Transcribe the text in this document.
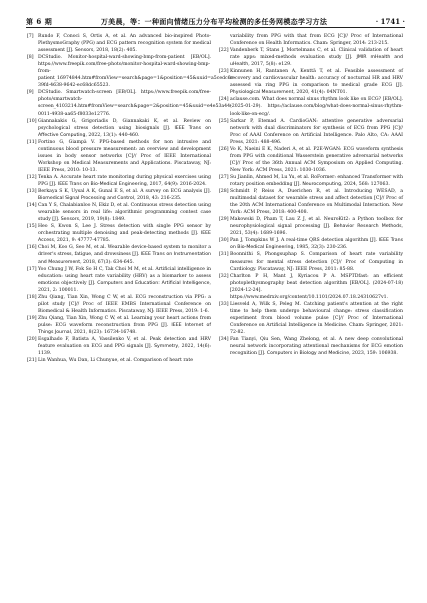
第 6 期	万美晨，等：一种面向情绪压力分布平均检测的多任务网模态学习方法	· 1741 ·

[7] Rundo F, Conoci S, Ortis A, et al. An advanced bio-inspired Photo-PlethysmoGraphy (PPG) and ECG pattern recognition system for medical assessment [J]. Sensors, 2018, 18(2): 405.

[8] DCStudio. Monitor-hospital-ward-showing-bmp-from-patient [EB/OL]. https://www.freepik.com/free-photo/monitor-hospital-ward-showing-bmp-from-patient_16974844.htm#fromView=search&page=1&position=45&uuid=a5cedc6c-39fd-4638-9642-ec68dc65523.

[9] DCStudio. Smartwatch-screen [EB/OL]. https://www.freepik.com/free-photo/smartwatch-screen_4103214.htm#fromView=search&page=2&position=45&uuid=e4e53a44-0011-4938-aa65-f8033e12776.

[10] Giannakakis G, Grigoriadis D, Giannakaki K, et al. Review on psychological stress detection using biosignals [J]. IEEE Trans on Affective Computing, 2022, 13(1): 440-460.

[11] Fortino G, Giampà V. PPG-based methods for non intrusive and continuous blood pressure measurement: an overview and development issues in body sensor networks [C]// Proc of IEEE International Workshop on Medical Measurements and Applications. Piscataway, NJ: IEEE Press, 2010: 10-13.

[12] Tenka A. Accurate heart rate monitoring during physical exercises using PPG [J]. IEEE Trans on Bio-Medical Engineering, 2017, 64(9): 2016-2024.

[13] Berkaya S K, Uysal A K, Gunal E S, et al. A survey on ECG analysis [J]. Biomedical Signal Processing and Control, 2018, 43: 216-235.

[14] Can Y S, Chalabianloo N, Ekiz D, et al. Continuous stress detection using wearable sensors in real life: algorithmic programming contest case study [J]. Sensors, 2019, 19(8): 1849.

[15] Heo S, Kwon S, Lee J. Stress detection with single PPG sensor by orchestrating multiple denoising and peak-detecting methods [J]. IEEE Access, 2021, 9: 47777-47785.

[16] Choi M, Koo G, Seo M, et al. Wearable device-based system to monitor a driver's stress, fatigue, and drowsiness [J]. IEEE Trans on Instrumentation and Measurement, 2018, 67(3): 634-645.

[17] Yoo Chung J W, Fok So H C, Tak Choi M M, et al. Artificial intelligence in education: using heart rate variability (HRV) as a biomarker to assess emotions objectively [J]. Computers and Education: Artificial Intelligence, 2021, 2: 100011.

[18] Zhu Qiang, Tian Xin, Wong C W, et al. ECG reconstruction via PPG: a pilot study [C]// Proc of IEEE EMBS International Conference on Biomedical & Health Informatics. Piscataway, NJ: IEEE Press, 2019: 1-6.

[19] Zhu Qiang, Tian Xin, Wong C W, et al. Learning your heart actions from pulse: ECG waveform reconstruction from PPG [J]. IEEE Internet of Things Journal, 2021, 8(23): 16734-16748.

[20] Esgalhado F, Batista A, Vassilenko V, et al. Peak detection and HRV feature evaluation on ECG and PPG signals [J]. Symmetry, 2022, 14(6): 1139.

[21] Lin Wanhua, Wu Dan, Li Chunyue, et al. Comparison of heart rate

variability from PPG with that from ECG [C]// Proc of International Conference on Health Informatics. Cham: Springer, 2014: 213-215.

[22] Vandenberk T, Stans J, Mortelmans C, et al. Clinical validation of heart rate apps: mixed-methods evaluation study [J]. JMIR mHealth and uHealth, 2017, 5(8): e129.

[23] Kinnunen H, Rantanen A, Kenttä T, et al. Feasible assessment of recovery and cardiovascular health: accuracy of nocturnal HR and HRV assessed via ring PPG in comparison to medical grade ECG [J]. Physiological Measurement, 2020, 41(4): 04NT01.

[24] aclause.com. What does normal sinus rhythm look like on ECG? [EB/OL]. (2025-01-29). https://aclause.com/blog/what-does-normal-sinus-rhythm-look-like-on-ecg/.

[25] Sarkar P, Etemad A. CardioGAN: attentive generative adversarial network with dual discriminators for synthesis of ECG from PPG [C]// Proc of AAAI Conference on Artificial Intelligence. Palo Alto, CA: AAAI Press, 2021: 488-496.

[26] Vo K, Naeini E K, Naderi A, et al. P2E-WGAN: ECG waveform synthesis from PPG with conditional Wasserstein generative adversarial networks [C]// Proc of the 36th Annual ACM Symposium on Applied Computing. New York: ACM Press, 2021: 1030-1036.

[27] Su Jianlin, Ahmed M, Lu Yu, et al. RoFormer: enhanced Transformer with rotary position embedding [J]. Neurocomputing, 2024, 568: 127063.

[28] Schmidt P, Reiss A, Duerichen R, et al. Introducing WESAD, a multimodal dataset for wearable stress and affect detection [C]// Proc of the 20th ACM International Conference on Multimodal Interaction. New York: ACM Press, 2018: 400-408.

[29] Makowski D, Pham T, Lau Z J, et al. NeuroKit2: a Python toolbox for neurophysiological signal processing [J]. Behavior Research Methods, 2021, 53(4): 1689-1696.

[30] Pan J, Tompkins W J. A real-time QRS detection algorithm [J]. IEEE Trans on Bio-Medical Engineering, 1985, 32(3): 230-236.

[31] Boonnithi S, Phongsuphap S. Comparison of heart rate variability measures for mental stress detection [C]// Proc of Computing in Cardiology. Piscataway, NJ: IEEE Press, 2011: 85-88.

[32] Charlton P H, Mant J, Kyriacou P A. MSPTDfast: an efficient photoplethysmography beat detection algorithm [EB/OL]. (2024-07-18) [2024-12-24]. https://www.medrxiv.org/content/10.1101/2024.07.18.24310627v1.

[33] Liesveld A, Wilk S, Peleg M. Catching patient's attention at the right time to help them undergo behavioural change: stress classification experiment from blood volume pulse [C]// Proc of International Conference on Artificial Intelligence in Medicine. Cham: Springer, 2021: 72-82.

[34] Fan Tianyi, Qiu Sen, Wang Zhelong, et al. A new deep convolutional neural network incorporating attentional mechanisms for ECG emotion recognition [J]. Computers in Biology and Medicine, 2023, 159: 106938.
